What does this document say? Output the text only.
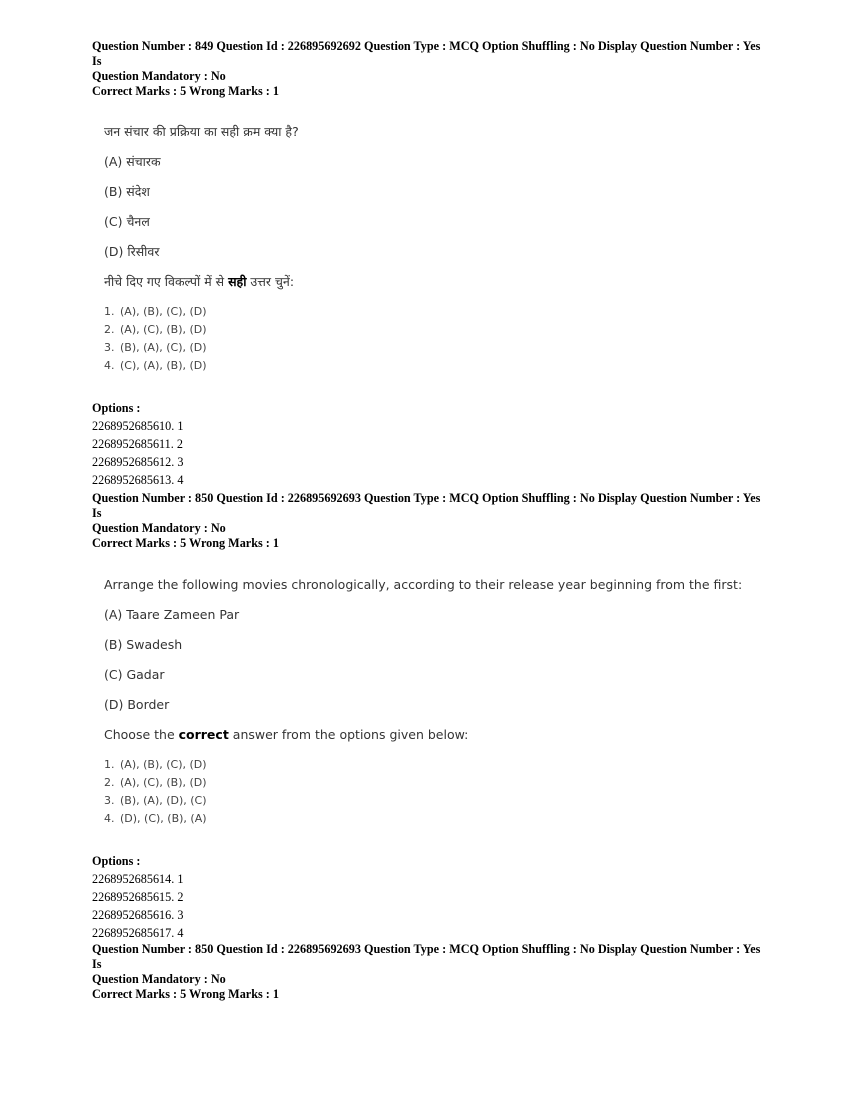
Question Number : 849 Question Id : 226895692692 Question Type : MCQ Option Shuffling : No Display Question Number : Yes Is
Question Mandatory : No
Correct Marks : 5 Wrong Marks : 1

जन संचार की प्रक्रिया का सही क्रम क्या है?
(A) संचारक
(B) संदेश
(C) चैनल
(D) रिसीवर
नीचे दिए गए विकल्पों में से सही उत्तर चुनें:
1. (A), (B), (C), (D)
2. (A), (C), (B), (D)
3. (B), (A), (C), (D)
4. (C), (A), (B), (D)

Options :
2268952685610. 1
2268952685611. 2
2268952685612. 3
2268952685613. 4

Question Number : 850 Question Id : 226895692693 Question Type : MCQ Option Shuffling : No Display Question Number : Yes Is
Question Mandatory : No
Correct Marks : 5 Wrong Marks : 1

Arrange the following movies chronologically, according to their release year beginning from the first:
(A) Taare Zameen Par
(B) Swadesh
(C) Gadar
(D) Border
Choose the correct answer from the options given below:
1. (A), (B), (C), (D)
2. (A), (C), (B), (D)
3. (B), (A), (D), (C)
4. (D), (C), (B), (A)

Options :
2268952685614. 1
2268952685615. 2
2268952685616. 3
2268952685617. 4

Question Number : 850 Question Id : 226895692693 Question Type : MCQ Option Shuffling : No Display Question Number : Yes Is
Question Mandatory : No
Correct Marks : 5 Wrong Marks : 1
